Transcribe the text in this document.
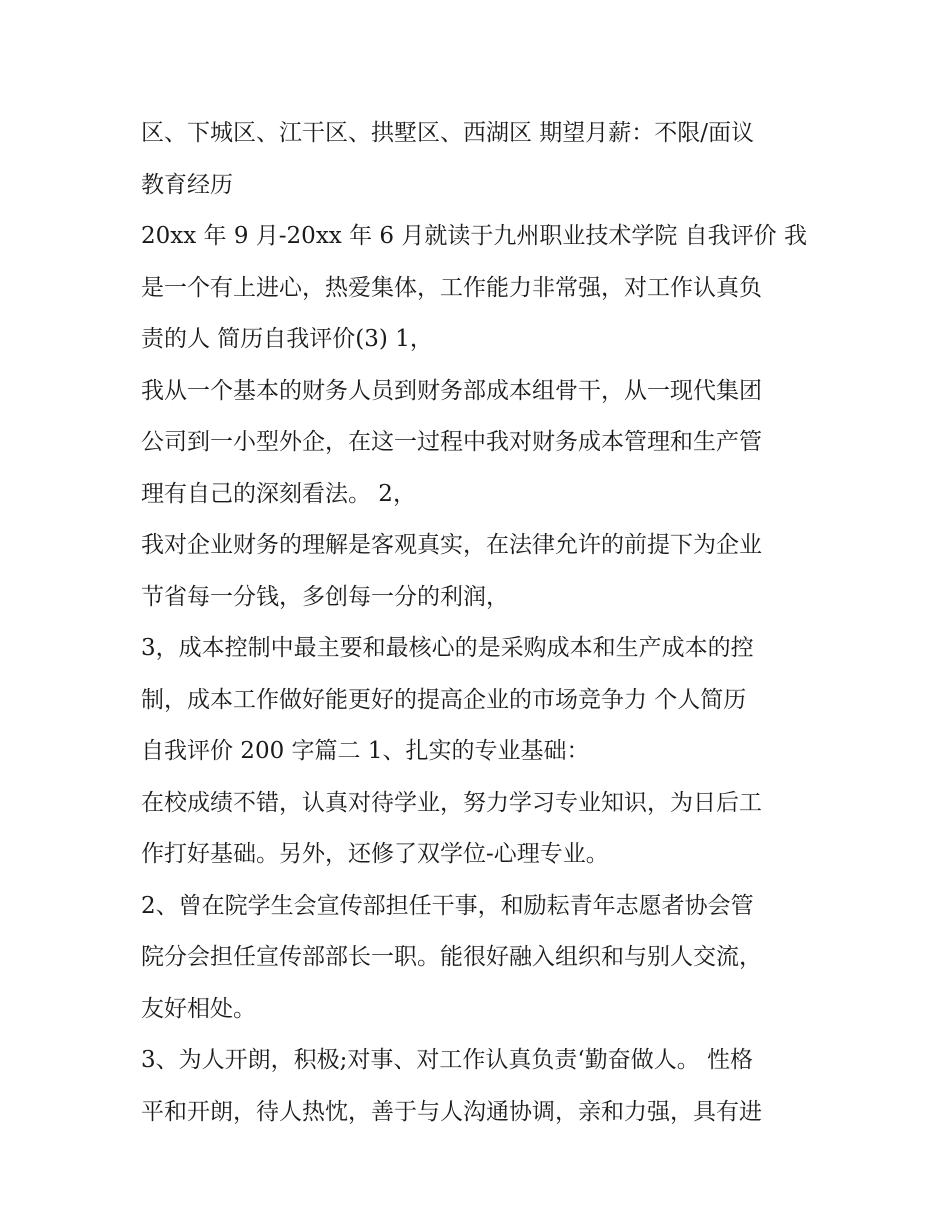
区、下城区、江干区、拱墅区、西湖区 期望月薪：不限/面议
教育经历
20xx 年 9 月-20xx 年 6 月就读于九州职业技术学院 自我评价 我
是一个有上进心，热爱集体，工作能力非常强，对工作认真负
责的人 简历自我评价(3) 1，
我从一个基本的财务人员到财务部成本组骨干，从一现代集团
公司到一小型外企，在这一过程中我对财务成本管理和生产管
理有自己的深刻看法。 2，
我对企业财务的理解是客观真实，在法律允许的前提下为企业
节省每一分钱，多创每一分的利润，
3，成本控制中最主要和最核心的是采购成本和生产成本的控
制，成本工作做好能更好的提高企业的市场竞争力 个人简历
自我评价 200 字篇二 1、扎实的专业基础：
在校成绩不错，认真对待学业，努力学习专业知识，为日后工
作打好基础。另外，还修了双学位-心理专业。
2、曾在院学生会宣传部担任干事，和励耘青年志愿者协会管
院分会担任宣传部部长一职。能很好融入组织和与别人交流，
友好相处。
3、为人开朗，积极;对事、对工作认真负责‘勤奋做人。 性格
平和开朗，待人热忱，善于与人沟通协调，亲和力强，具有进
